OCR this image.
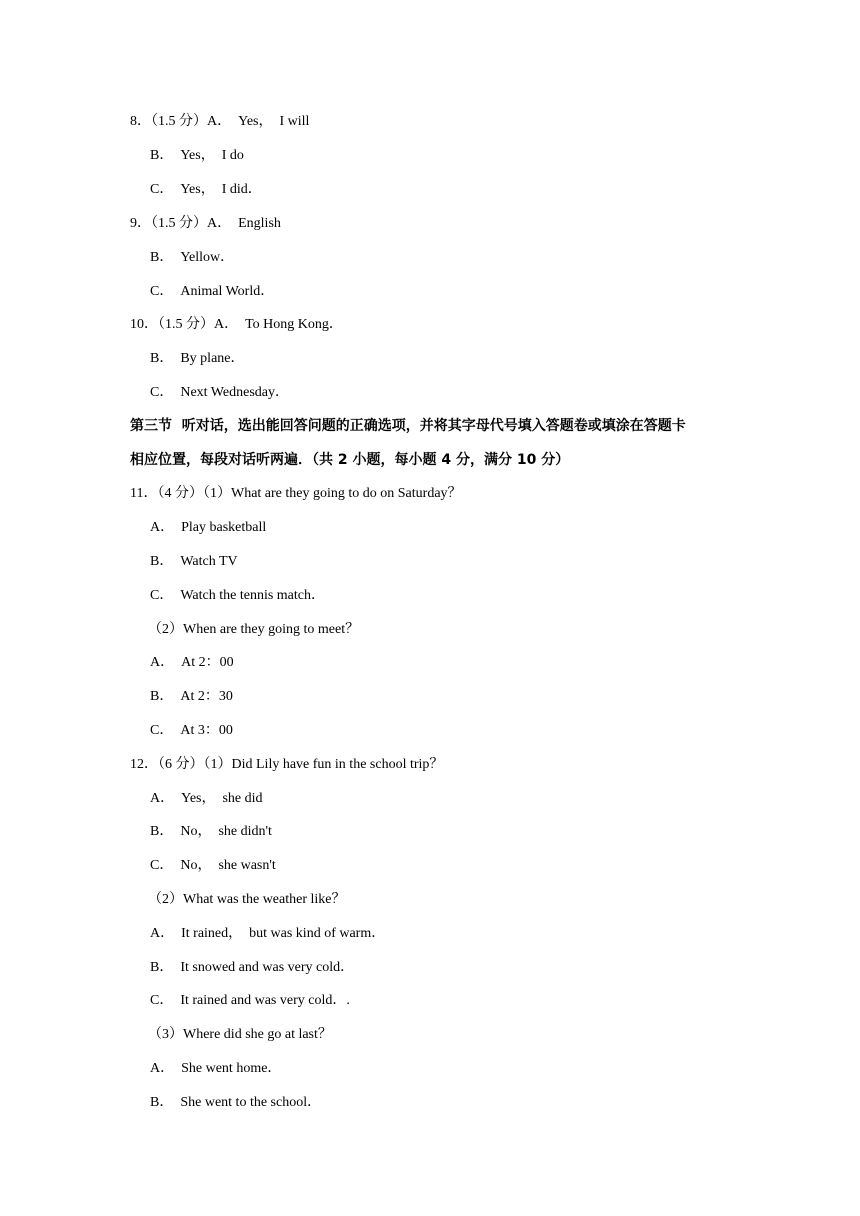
8．（1.5 分）A．　Yes，　I will
B．　Yes，　I do
C．　Yes，　I did．
9．（1.5 分）A．　English
B．　Yellow．
C．　Animal World．
10．（1.5 分）A．　To Hong Kong．
B．　By plane．
C．　Next Wednesday．
第三节  听对话，选出能回答问题的正确选项，并将其字母代号填入答题卷或填涂在答题卡
相应位置，每段对话听两遍．（共 2 小题，每小题 4 分，满分 10 分）
11．（4 分）（1）What are they going to do on Saturday？
A．　Play basketball
B．　Watch TV
C．　Watch the tennis match．
（2）When are they going to meet？
A．　At 2：00
B．　At 2：30
C．　At 3：00
12．（6 分）（1）Did Lily have fun in the school trip？
A．　Yes，　she did
B．　No，　she didn't
C．　No，　she wasn't
（2）What was the weather like？
A．　It rained，　but was kind of warm．
B．　It snowed and was very cold．
C．　It rained and was very cold．.
（3）Where did she go at last？
A．　She went home．
B．　She went to the school．
